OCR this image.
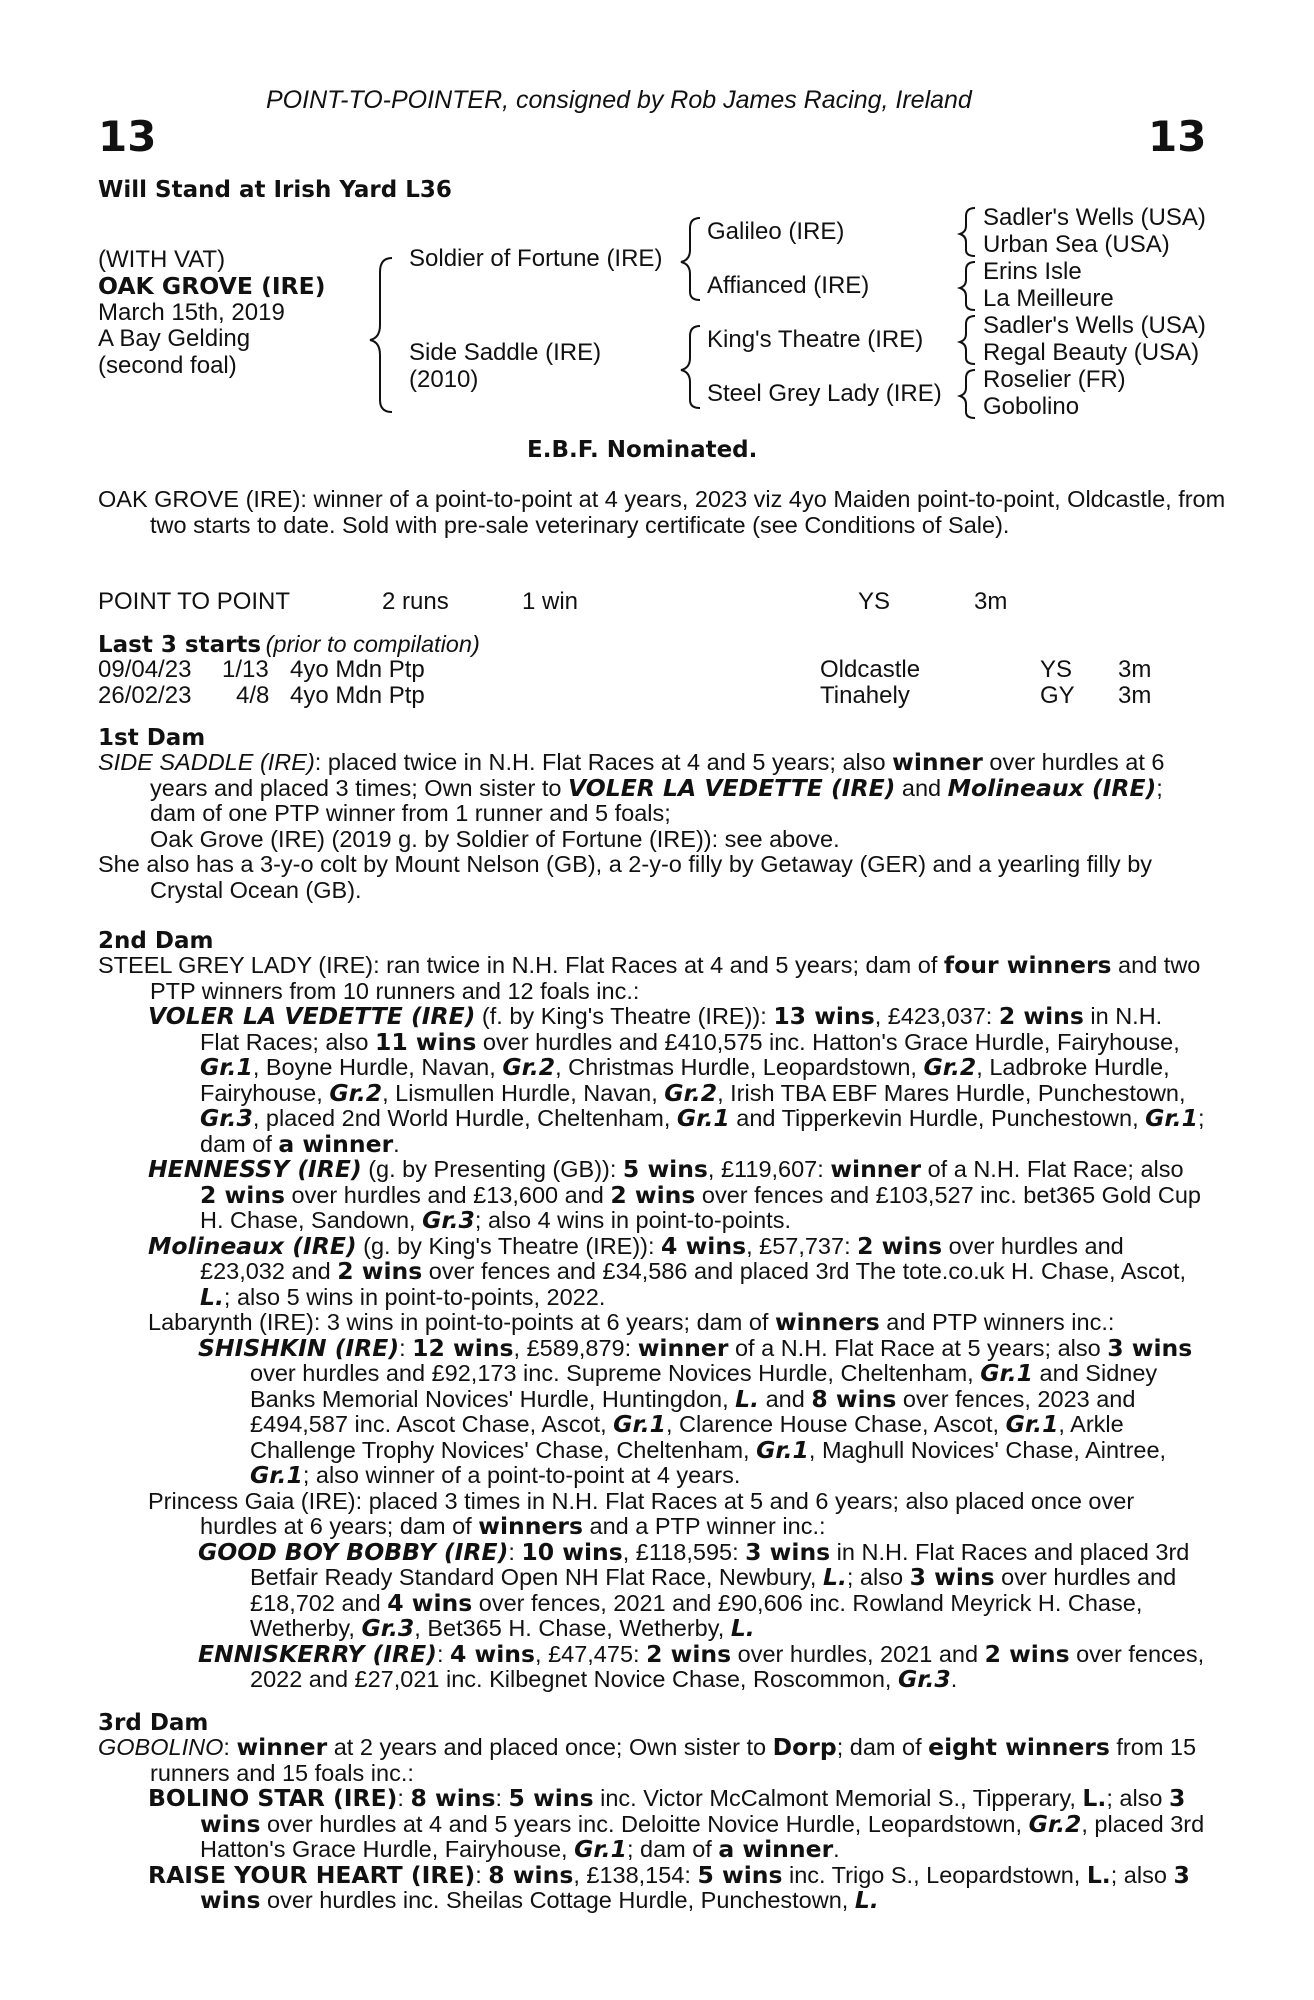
POINT-TO-POINTER, consigned by Rob James Racing, Ireland
13	13
Will Stand at Irish Yard L36
(WITH VAT)
OAK GROVE (IRE)
March 15th, 2019
A Bay Gelding
(second foal)
Soldier of Fortune (IRE)
Side Saddle (IRE)
(2010)
Galileo (IRE)
Affianced (IRE)
King's Theatre (IRE)
Steel Grey Lady (IRE)
Sadler's Wells (USA)
Urban Sea (USA)
Erins Isle
La Meilleure
Sadler's Wells (USA)
Regal Beauty (USA)
Roselier (FR)
Gobolino
E.B.F. Nominated.

OAK GROVE (IRE): winner of a point-to-point at 4 years, 2023 viz 4yo Maiden point-to-point, Oldcastle, from two starts to date. Sold with pre-sale veterinary certificate (see Conditions of Sale).

POINT TO POINT	2 runs	1 win	YS	3m
Last 3 starts (prior to compilation)
09/04/23 1/13 4yo Mdn Ptp	Oldcastle	YS 3m
26/02/23 4/8 4yo Mdn Ptp	Tinahely	GY 3m
1st Dam

SIDE SADDLE (IRE): placed twice in N.H. Flat Races at 4 and 5 years; also winner over hurdles at 6 years and placed 3 times; Own sister to VOLER LA VEDETTE (IRE) and Molineaux (IRE); dam of one PTP winner from 1 runner and 5 foals;
Oak Grove (IRE) (2019 g. by Soldier of Fortune (IRE)): see above.

She also has a 3-y-o colt by Mount Nelson (GB), a 2-y-o filly by Getaway (GER) and a yearling filly by Crystal Ocean (GB).

2nd Dam

STEEL GREY LADY (IRE): ran twice in N.H. Flat Races at 4 and 5 years; dam of four winners and two PTP winners from 10 runners and 12 foals inc.:

VOLER LA VEDETTE (IRE) (f. by King's Theatre (IRE)): 13 wins, £423,037: 2 wins in N.H. Flat Races; also 11 wins over hurdles and £410,575 inc. Hatton's Grace Hurdle, Fairyhouse, Gr.1, Boyne Hurdle, Navan, Gr.2, Christmas Hurdle, Leopardstown, Gr.2, Ladbroke Hurdle, Fairyhouse, Gr.2, Lismullen Hurdle, Navan, Gr.2, Irish TBA EBF Mares Hurdle, Punchestown, Gr.3, placed 2nd World Hurdle, Cheltenham, Gr.1 and Tipperkevin Hurdle, Punchestown, Gr.1; dam of a winner.

HENNESSY (IRE) (g. by Presenting (GB)): 5 wins, £119,607: winner of a N.H. Flat Race; also 2 wins over hurdles and £13,600 and 2 wins over fences and £103,527 inc. bet365 Gold Cup H. Chase, Sandown, Gr.3; also 4 wins in point-to-points.

Molineaux (IRE) (g. by King's Theatre (IRE)): 4 wins, £57,737: 2 wins over hurdles and £23,032 and 2 wins over fences and £34,586 and placed 3rd The tote.co.uk H. Chase, Ascot, L.; also 5 wins in point-to-points, 2022.

Labarynth (IRE): 3 wins in point-to-points at 6 years; dam of winners and PTP winners inc.:

SHISHKIN (IRE): 12 wins, £589,879: winner of a N.H. Flat Race at 5 years; also 3 wins over hurdles and £92,173 inc. Supreme Novices Hurdle, Cheltenham, Gr.1 and Sidney Banks Memorial Novices' Hurdle, Huntingdon, L. and 8 wins over fences, 2023 and £494,587 inc. Ascot Chase, Ascot, Gr.1, Clarence House Chase, Ascot, Gr.1, Arkle Challenge Trophy Novices' Chase, Cheltenham, Gr.1, Maghull Novices' Chase, Aintree, Gr.1; also winner of a point-to-point at 4 years.

Princess Gaia (IRE): placed 3 times in N.H. Flat Races at 5 and 6 years; also placed once over hurdles at 6 years; dam of winners and a PTP winner inc.:

GOOD BOY BOBBY (IRE): 10 wins, £118,595: 3 wins in N.H. Flat Races and placed 3rd Betfair Ready Standard Open NH Flat Race, Newbury, L.; also 3 wins over hurdles and £18,702 and 4 wins over fences, 2021 and £90,606 inc. Rowland Meyrick H. Chase, Wetherby, Gr.3, Bet365 H. Chase, Wetherby, L.

ENNISKERRY (IRE): 4 wins, £47,475: 2 wins over hurdles, 2021 and 2 wins over fences, 2022 and £27,021 inc. Kilbegnet Novice Chase, Roscommon, Gr.3.

3rd Dam

GOBOLINO: winner at 2 years and placed once; Own sister to Dorp; dam of eight winners from 15 runners and 15 foals inc.:

BOLINO STAR (IRE): 8 wins: 5 wins inc. Victor McCalmont Memorial S., Tipperary, L.; also 3 wins over hurdles at 4 and 5 years inc. Deloitte Novice Hurdle, Leopardstown, Gr.2, placed 3rd Hatton's Grace Hurdle, Fairyhouse, Gr.1; dam of a winner.

RAISE YOUR HEART (IRE): 8 wins, £138,154: 5 wins inc. Trigo S., Leopardstown, L.; also 3 wins over hurdles inc. Sheilas Cottage Hurdle, Punchestown, L.
